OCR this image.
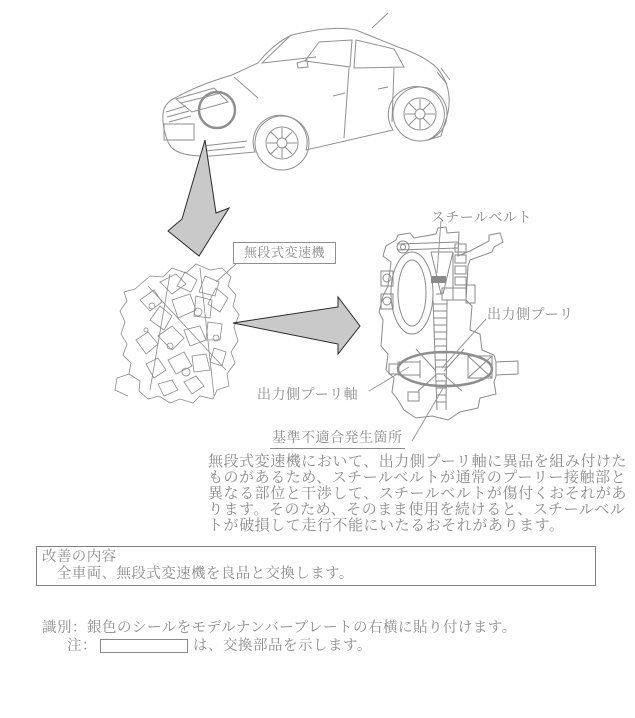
無段式変速機
スチールベルト
出力側プーリ
出力側プーリ軸
基準不適合発生箇所
無段式変速機において、出力側プーリ軸に異品を組み付けた
ものがあるため、スチールベルトが通常のプーリー接触部と
異なる部位と干渉して、スチールベルトが傷付くおそれがあ
ります。そのため、そのまま使用を続けると、スチールベル
トが破損して走行不能にいたるおそれがあります。
改善の内容
　全車両、無段式変速機を良品と交換します。
識別：銀色のシールをモデルナンバープレートの右横に貼り付けます。
注：	は、交換部品を示します。
